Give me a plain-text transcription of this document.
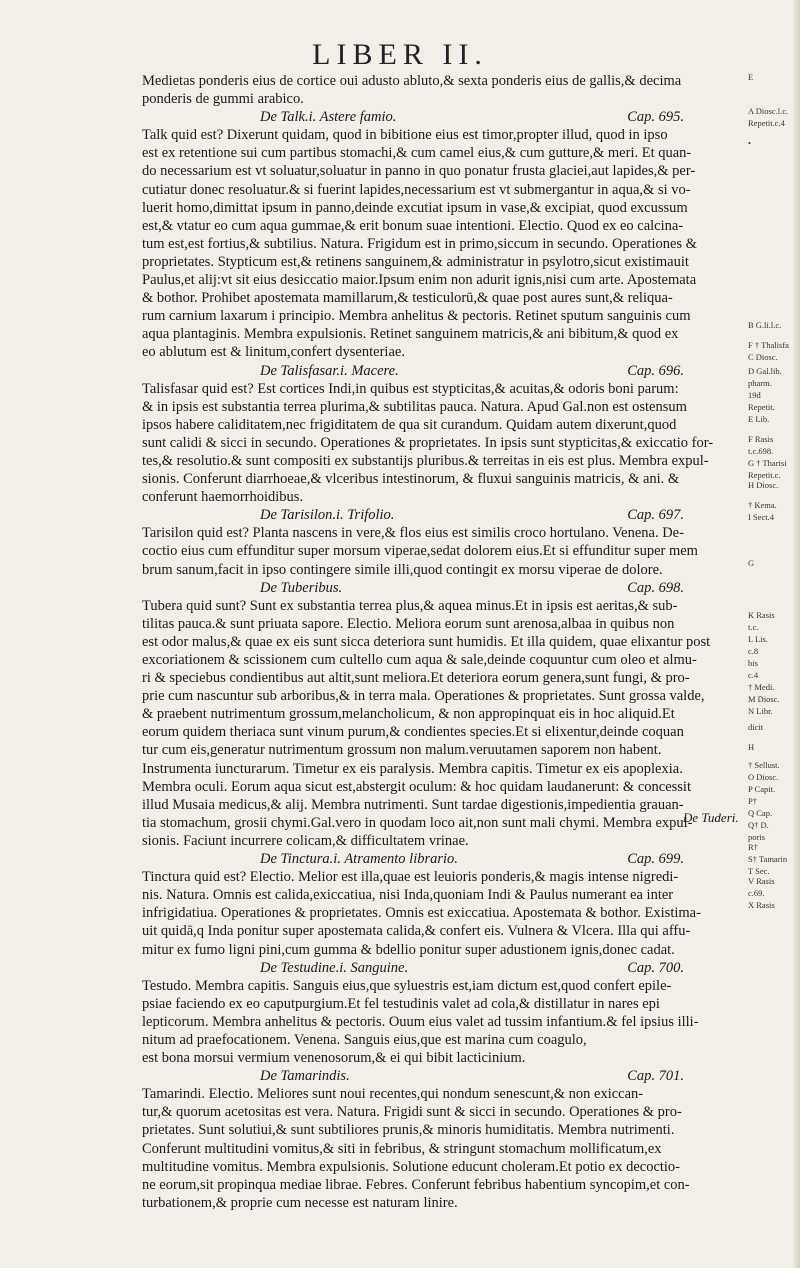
LIBER II.

Medietas ponderis eius de cortice oui adusto abluto,& sexta ponderis eius de gallis,& decima

ponderis de gummi arabico.

De Talk.i. Astere famio.	Cap. 695.

Talk quid est? Dixerunt quidam, quod in bibitione eius est timor,propter illud, quod in ipso

est ex retentione sui cum partibus stomachi,& cum camel eius,& cum gutture,& meri. Et quan-

do necessarium est vt soluatur,soluatur in panno in quo ponatur frusta glaciei,aut lapides,& per-

cutiatur donec resoluatur.& si fuerint lapides,necessarium est vt submergantur in aqua,& si vo-

luerit homo,dimittat ipsum in panno,deinde excutiat ipsum in vase,& excipiat, quod excussum

est,& vtatur eo cum aqua gummae,& erit bonum suae intentioni. Electio. Quod ex eo calcina-

tum est,est fortius,& subtilius. Natura. Frigidum est in primo,siccum in secundo. Operationes &

proprietates. Stypticum est,& retinens sanguinem,& administratur in psylotro,sicut existimauit

Paulus,et alij:vt sit eius desiccatio maior.Ipsum enim non adurit ignis,nisi cum arte. Apostemata

& bothor. Prohibet apostemata mamillarum,& testiculorū,& quae post aures sunt,& reliqua-

rum carnium laxarum i principio. Membra anhelitus & pectoris. Retinet sputum sanguinis cum

aqua plantaginis. Membra expulsionis. Retinet sanguinem matricis,& ani bibitum,& quod ex

eo ablutum est & linitum,confert dysenteriae.

De Talisfasar.i. Macere.	Cap. 696.

Talisfasar quid est? Est cortices Indi,in quibus est stypticitas,& acuitas,& odoris boni parum:

& in ipsis est substantia terrea plurima,& subtilitas pauca. Natura. Apud Gal.non est ostensum

ipsos habere caliditatem,nec frigiditatem de qua sit curandum. Quidam autem dixerunt,quod

sunt calidi & sicci in secundo. Operationes & proprietates. In ipsis sunt stypticitas,& exiccatio for-

tes,& resolutio.& sunt compositi ex substantijs pluribus.& terreitas in eis est plus. Membra expul-

sionis. Conferunt diarrhoeae,& vlceribus intestinorum, & fluxui sanguinis matricis, & ani. &

conferunt haemorrhoidibus.

De Tarisilon.i. Trifolio.	Cap. 697.

Tarisilon quid est? Planta nascens in vere,& flos eius est similis croco hortulano. Venena. De-

coctio eius cum effunditur super morsum viperae,sedat dolorem eius.Et si effunditur super mem

brum sanum,facit in ipso contingere simile illi,quod contingit ex morsu viperae de dolore.

De Tuberibus.	Cap. 698.

Tubera quid sunt? Sunt ex substantia terrea plus,& aquea minus.Et in ipsis est aeritas,& sub-

tilitas pauca.& sunt priuata sapore. Electio. Meliora eorum sunt arenosa,albaa in quibus non

est odor malus,& quae ex eis sunt sicca deteriora sunt humidis. Et illa quidem, quae elixantur post

excoriationem & scissionem cum cultello cum aqua & sale,deinde coquuntur cum oleo et almu-

ri & speciebus condientibus aut altit,sunt meliora.Et deteriora eorum genera,sunt fungi, & pro-

prie cum nascuntur sub arboribus,& in terra mala. Operationes & proprietates. Sunt grossa valde,

& praebent nutrimentum grossum,melancholicum, & non appropinquat eis in hoc aliquid.Et

eorum quidem theriaca sunt vinum purum,& condientes species.Et si elixentur,deinde coquan

tur cum eis,generatur nutrimentum grossum non malum.veruutamen saporem non habent.

Instrumenta iuncturarum. Timetur ex eis paralysis. Membra capitis. Timetur ex eis apoplexia.

Membra oculi. Eorum aqua sicut est,abstergit oculum: & hoc quidam laudanerunt: & concessit

illud Musaia medicus,& alij. Membra nutrimenti. Sunt tardae digestionis,impedientia grauan-

tia stomachum, grosii chymi.Gal.vero in quodam loco ait,non sunt mali chymi. Membra expul-

sionis. Faciunt incurrere colicam,& difficultatem vrinae.

De Tinctura.i. Atramento librario.	Cap. 699.

Tinctura quid est? Electio. Melior est illa,quae est leuioris ponderis,& magis intense nigredi-

nis. Natura. Omnis est calida,exiccatiua, nisi Inda,quoniam Indi & Paulus numerant ea inter

infrigidatiua. Operationes & proprietates. Omnis est exiccatiua. Apostemata & bothor. Existima-

uit quidā,q Inda ponitur super apostemata calida,& confert eis. Vulnera & Vlcera. Illa qui affu-

mitur ex fumo ligni pini,cum gumma & bdellio ponitur super adustionem ignis,donec cadat.

De Testudine.i. Sanguine.	Cap. 700.

Testudo. Membra capitis. Sanguis eius,que syluestris est,iam dictum est,quod confert epile-

psiae faciendo ex eo caputpurgium.Et fel testudinis valet ad cola,& distillatur in nares epi

lepticorum. Membra anhelitus & pectoris. Ouum eius valet ad tussim infantium.& fel ipsius illi-

nitum ad praefocationem. Venena. Sanguis eius,que est marina cum coagulo,

est bona morsui vermium venenosorum,& ei qui bibit lacticinium.

De Tamarindis.	Cap. 701.

Tamarindi. Electio. Meliores sunt noui recentes,qui nondum senescunt,& non exiccan-

tur,& quorum acetositas est vera. Natura. Frigidi sunt & sicci in secundo. Operationes & pro-

prietates. Sunt solutiui,& sunt subtiliores prunis,& minoris humiditatis. Membra nutrimenti.

Conferunt multitudini vomitus,& siti in febribus, & stringunt stomachum mollificatum,ex

multitudine vomitus. Membra expulsionis. Solutione educunt choleram.Et potio ex decoctio-

ne eorum,sit propinqua mediae librae. Febres. Conferunt febribus habentium syncopim,et con-

turbationem,& proprie cum necesse est naturam linire.

E
A Diosc.l.c.
Repetit.c.4
•
B G.li.l.c.
F † Thalisfa
C Diosc.
D Gal.lib.
pharm.
19d
Repetit.
E Lib.
F Rasis
t.c.698.
G † Tharisi
Repetit.c.
H Diosc.
† Kema.
I Sect.4
G
K Rasis
t.c.
L Lis.
c.8
bis
c.4
† Medi.
M Diosc.
N Libr.
dicit
H
† Sellust.
O Diosc.
P Capit.
P†
Q Cap.
Q† D.
poris
R†
S† Tamarin
T Sec.
V Rasis
c.69.
X Rasis
De Tuderi.
